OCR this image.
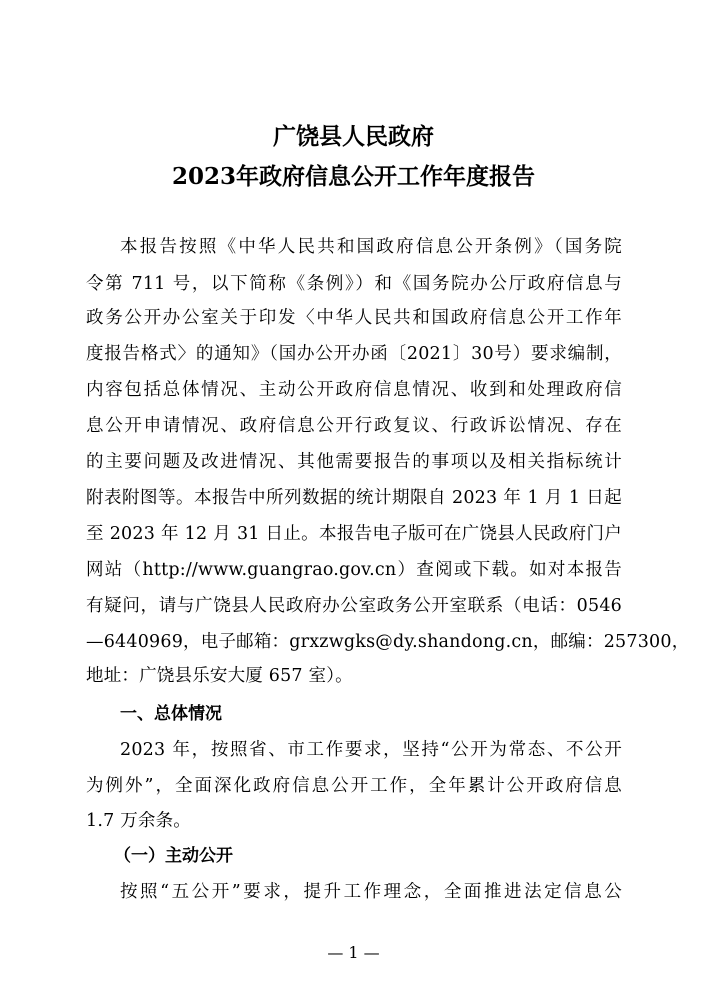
广饶县人民政府
2023年政府信息公开工作年度报告
本报告按照《中华人民共和国政府信息公开条例》（国务院
令第 711 号，以下简称《条例》）和《国务院办公厅政府信息与
政务公开办公室关于印发〈中华人民共和国政府信息公开工作年
度报告格式〉的通知》（国办公开办函〔2021〕30号）要求编制，
内容包括总体情况、主动公开政府信息情况、收到和处理政府信
息公开申请情况、政府信息公开行政复议、行政诉讼情况、存在
的主要问题及改进情况、其他需要报告的事项以及相关指标统计
附表附图等。本报告中所列数据的统计期限自 2023 年 1 月 1 日起
至 2023 年 12 月 31 日止。本报告电子版可在广饶县人民政府门户
网站（http://www.guangrao.gov.cn）查阅或下载。如对本报告
有疑问，请与广饶县人民政府办公室政务公开室联系（电话：0546
—6440969，电子邮箱：grxzwgks@dy.shandong.cn，邮编：257300，
地址：广饶县乐安大厦 657 室）。
一、总体情况
2023 年，按照省、市工作要求，坚持“公开为常态、不公开
为例外”，全面深化政府信息公开工作，全年累计公开政府信息
1.7 万余条。
（一）主动公开
按照“五公开”要求，提升工作理念，全面推进法定信息公
— 1 —
